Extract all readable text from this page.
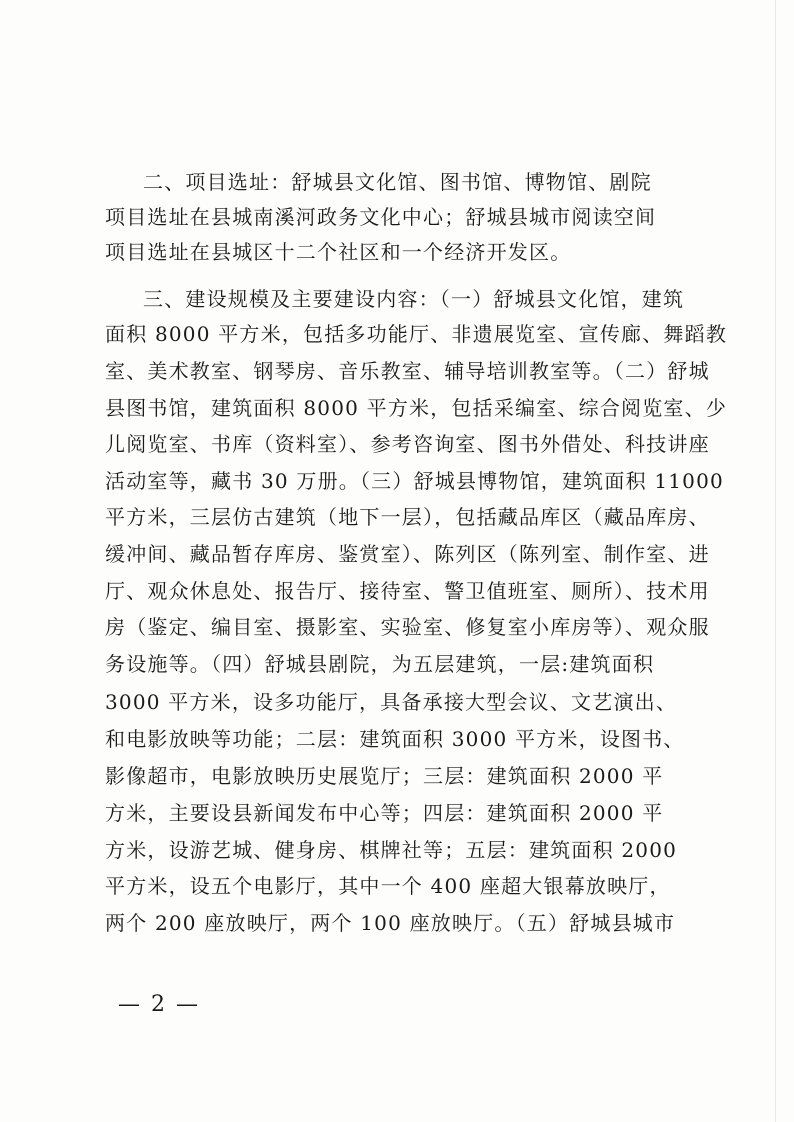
二、项目选址：舒城县文化馆、图书馆、博物馆、剧院
项目选址在县城南溪河政务文化中心；舒城县城市阅读空间
项目选址在县城区十二个社区和一个经济开发区。
三、建设规模及主要建设内容：（一）舒城县文化馆，建筑
面积 8000 平方米，包括多功能厅、非遗展览室、宣传廊、舞蹈教
室、美术教室、钢琴房、音乐教室、辅导培训教室等。（二）舒城
县图书馆，建筑面积 8000 平方米，包括采编室、综合阅览室、少
儿阅览室、书库（资料室）、参考咨询室、图书外借处、科技讲座
活动室等，藏书 30 万册。（三）舒城县博物馆，建筑面积 11000
平方米，三层仿古建筑（地下一层），包括藏品库区（藏品库房、
缓冲间、藏品暂存库房、鉴赏室）、陈列区（陈列室、制作室、进
厅、观众休息处、报告厅、接待室、警卫值班室、厕所）、技术用
房（鉴定、编目室、摄影室、实验室、修复室小库房等）、观众服
务设施等。（四）舒城县剧院，为五层建筑，一层:建筑面积
3000 平方米，设多功能厅，具备承接大型会议、文艺演出、
和电影放映等功能；二层：建筑面积 3000 平方米，设图书、
影像超市，电影放映历史展览厅；三层：建筑面积 2000 平
方米，主要设县新闻发布中心等；四层：建筑面积 2000 平
方米，设游艺城、健身房、棋牌社等；五层：建筑面积 2000
平方米，设五个电影厅，其中一个 400 座超大银幕放映厅，
两个 200 座放映厅，两个 100 座放映厅。（五）舒城县城市
— 2 —
